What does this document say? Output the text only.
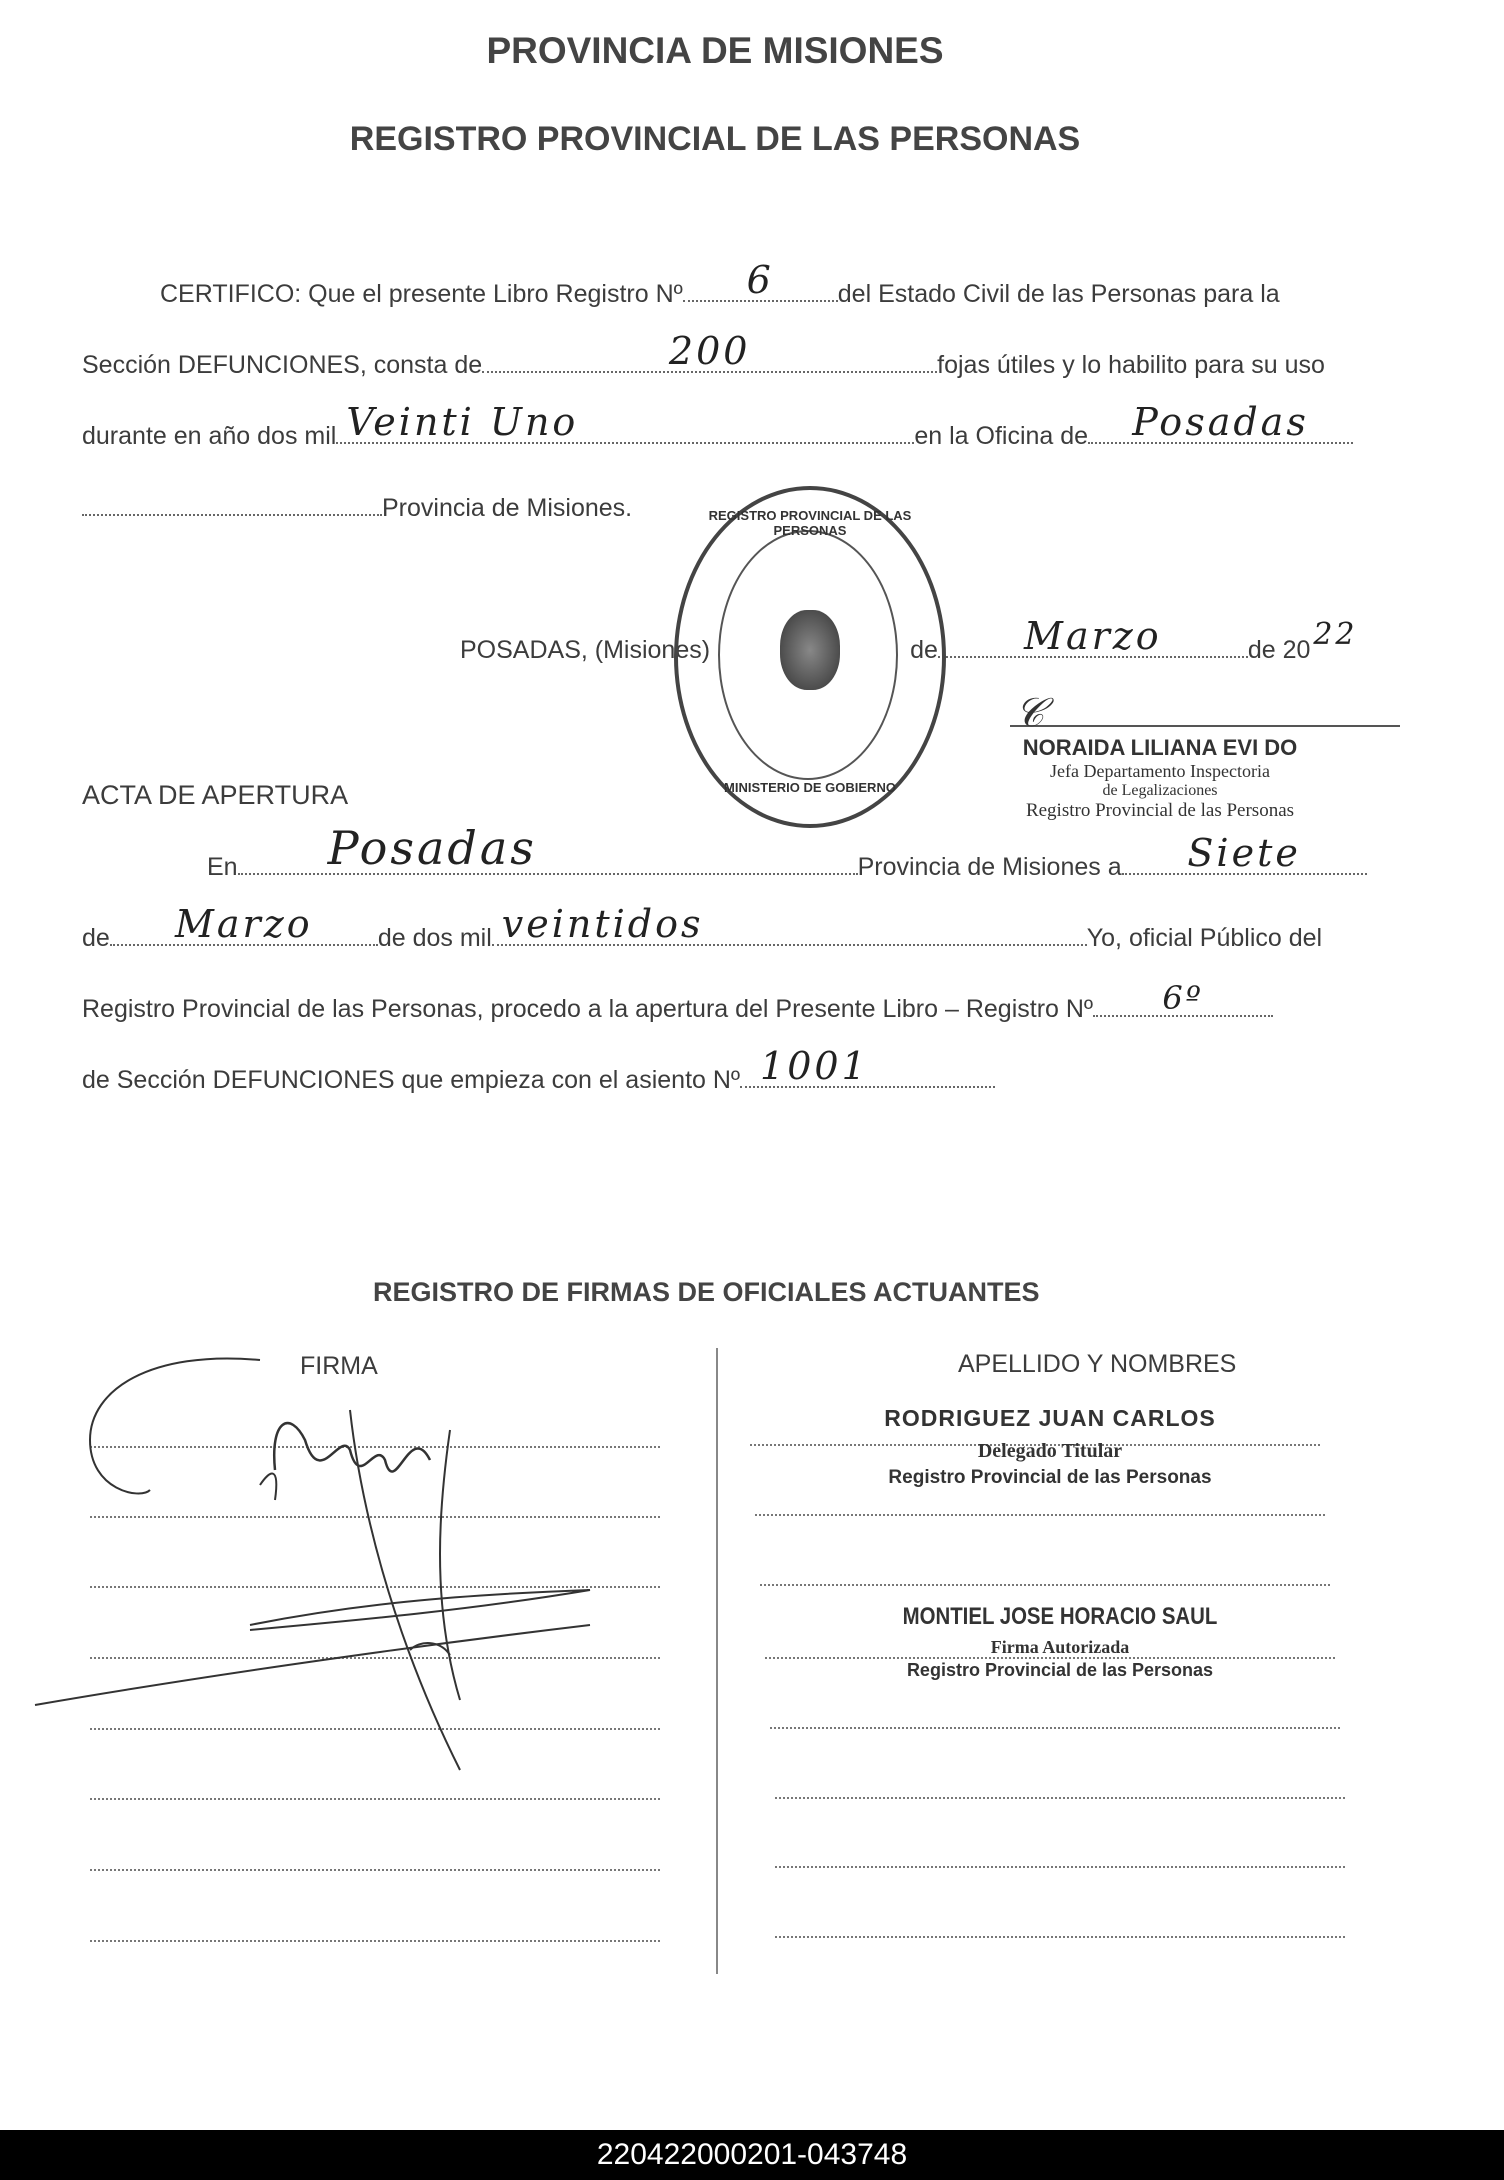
PROVINCIA DE MISIONES
REGISTRO PROVINCIAL DE LAS PERSONAS
CERTIFICO: Que el presente Libro Registro Nº	6	del Estado Civil de las Personas para la
Sección DEFUNCIONES, consta de	200	fojas útiles y lo habilito para su uso
durante en año dos mil Veinti Uno	en la Oficina de	Posadas
Provincia de Misiones.
POSADAS, (Misiones)	de	Marzo	de 20 22
REGISTRO PROVINCIAL DE LAS PERSONAS
MINISTERIO DE GOBIERNO
𝒞
NORAIDA LILIANA EVI DO
Jefa Departamento Inspectoria
de Legalizaciones
Registro Provincial de las Personas
ACTA DE APERTURA
En Posadas	Provincia de Misiones a	Siete
de	Marzo	de dos mil veintidos	Yo, oficial Público del
Registro Provincial de las Personas, procedo a la apertura del Presente Libro – Registro Nº	6º
de Sección DEFUNCIONES que empieza con el asiento Nº 1001
REGISTRO DE FIRMAS DE OFICIALES ACTUANTES
FIRMA	APELLIDO Y NOMBRES
RODRIGUEZ JUAN CARLOS
Delegado Titular
Registro Provincial de las Personas
MONTIEL JOSE HORACIO SAUL
Firma Autorizada
Registro Provincial de las Personas
220422000201-043748
